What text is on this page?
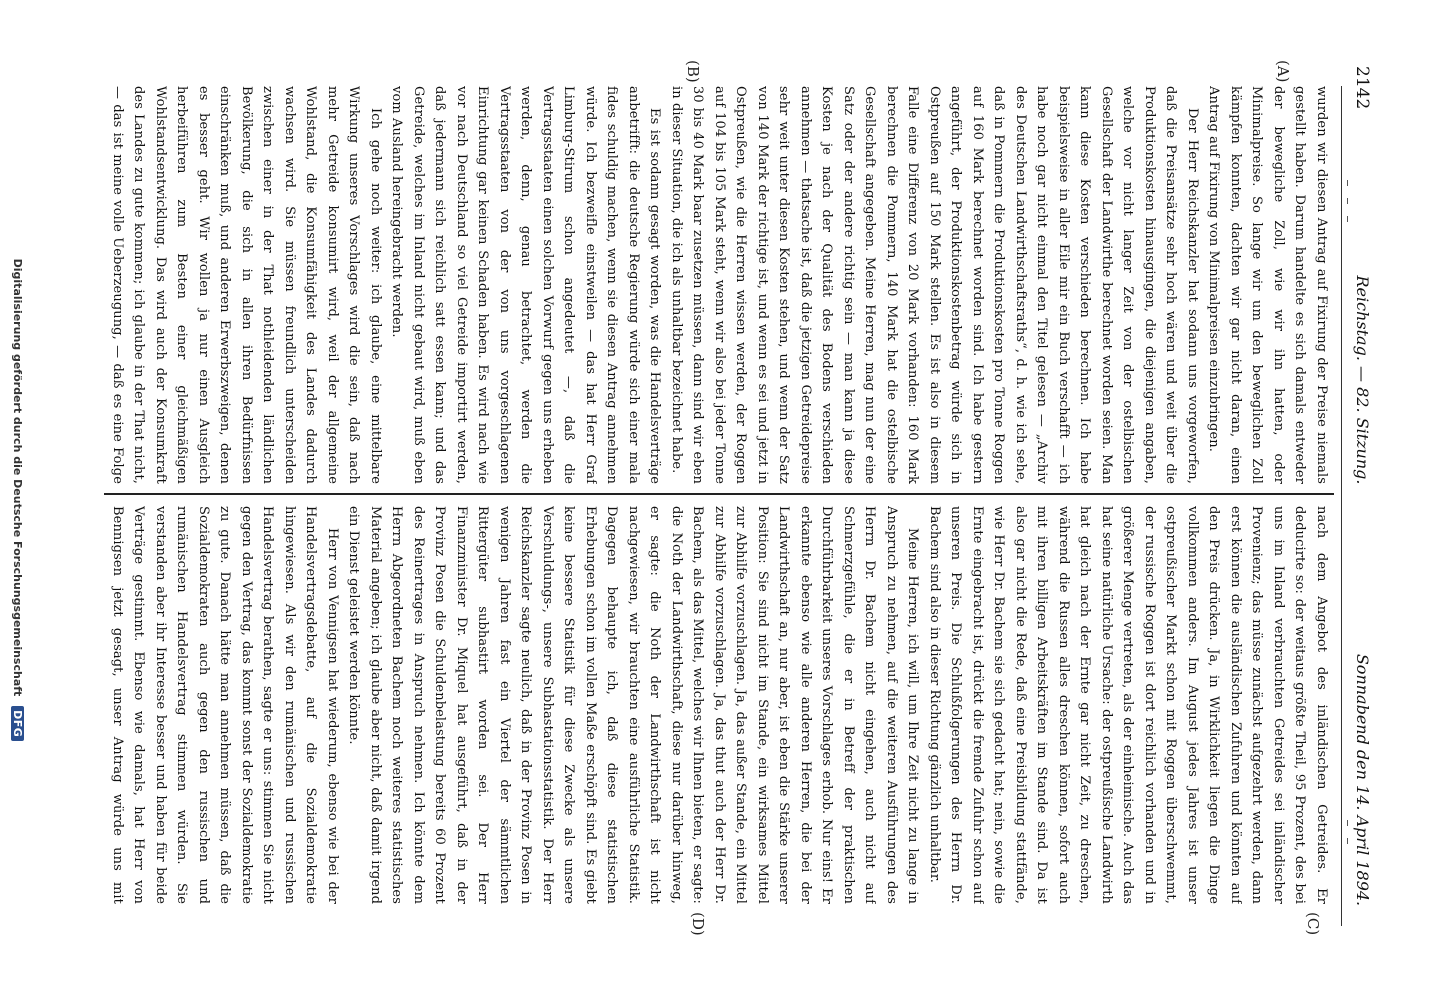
2142
Reichstag. — 82. Sitzung.
Sonnabend den 14. April 1894.
(A)
(B)
(C)
(D)

wurden wir diesen Antrag auf Fixirung der Preise niemals gestellt haben. Darum handelte es sich damals entweder der bewegliche Zoll, wie wir ihn hatten, oder Minimalpreise. So lange wir um den beweglichen Zoll kämpfen konnten, dachten wir gar nicht daran, einen Antrag auf Fixirung von Minimalpreisen einzubringen.

Der Herr Reichskanzler hat sodann uns vorgeworfen, daß die Preisansätze sehr hoch wären und weit über die Produktionskosten hinausgingen, die diejenigen angaben, welche vor nicht langer Zeit von der ostelbischen Gesellschaft der Landwirthe berechnet worden seien. Man kann diese Kosten verschieden berechnen. Ich habe beispielsweise in aller Eile mir ein Buch verschafft — ich habe noch gar nicht einmal den Titel gelesen — „Archiv des Deutschen Landwirthschaftsraths“, d. h. wie ich sehe, daß in Pommern die Produktionskosten pro Tonne Roggen auf 160 Mark berechnet worden sind. Ich habe gestern angeführt, der Produktionskostenbetrag würde sich in Ostpreußen auf 150 Mark stellen. Es ist also in diesem Falle eine Differenz von 20 Mark vorhanden: 160 Mark berechnen die Pommern, 140 Mark hat die ostelbische Gesellschaft angegeben. Meine Herren, mag nun der eine Satz oder der andere richtig sein — man kann ja diese Kosten je nach der Qualität des Bodens verschieden annehmen — thatsache ist, daß die jetzigen Getreidepreise sehr weit unter diesen Kosten stehen, und wenn der Satz von 140 Mark der richtige ist, und wenn es sei und jetzt in Ostpreußen, wie die Herren wissen werden, der Roggen auf 104 bis 105 Mark steht, wenn wir also bei jeder Tonne 30 bis 40 Mark baar zusetzen müssen, dann sind wir eben in dieser Situation, die ich als unhaltbar bezeichnet habe.

Es ist sodann gesagt worden, was die Handelsverträge anbetrifft: die deutsche Regierung würde sich einer mala fides schuldig machen, wenn sie diesen Antrag annehmen würde. Ich bezweifle einstweilen — das hat Herr Graf Limburg-Stirum schon angedeutet —, daß die Vertragsstaaten einen solchen Vorwurf gegen uns erheben werden, denn, genau betrachtet, werden die Vertragsstaaten von der von uns vorgeschlagenen Einrichtung gar keinen Schaden haben. Es wird nach wie vor nach Deutschland so viel Getreide importirt werden, daß jedermann sich reichlich satt essen kann; und das Getreide, welches im Inland nicht gebaut wird, muß eben vom Ausland hereingebracht werden.

Ich gehe noch weiter: ich glaube, eine mittelbare Wirkung unseres Vorschlages wird die sein, daß nach mehr Getreide konsumirt wird, weil der allgemeine Wohlstand, die Konsumfähigkeit des Landes dadurch wachsen wird. Sie müssen freundlich unterscheiden zwischen einer in der That nothleidenden ländlichen Bevölkerung, die sich in allen ihren Bedürfnissen einschränken muß, und anderen Erwerbszweigen, denen es besser geht. Wir wollen ja nur einen Ausgleich herbeiführen zum Besten einer gleichmäßigen Wohlstandsentwicklung. Das wird auch der Konsumkraft des Landes zu gute kommen; ich glaube in der That nicht, — das ist meine volle Ueberzeugung, — daß es eine Folge

nach dem Angebot des inländischen Getreides. Er deducirte so: der weitaus größte Theil, 95 Prozent, des bei uns im Inland verbrauchten Getreides sei inländischer Provenienz; das müsse zunächst aufgezehrt werden, dann erst können die ausländischen Zufuhren und könnten auf den Preis drücken. Ja, in Wirklichkeit liegen die Dinge vollkommen anders. Im August jedes Jahres ist unser ostpreußischer Markt schon mit Roggen überschwemmt, der russische Roggen ist dort reichlich vorhanden und in größerer Menge vertreten, als der einheimische. Auch das hat seine natürliche Ursache: der ostpreußische Landwirth hat gleich nach der Ernte gar nicht Zeit, zu dreschen, während die Russen alles dreschen können, sofort auch mit ihren billigen Arbeitskräften im Stande sind. Da ist also gar nicht die Rede, daß eine Preisbildung stattfände, wie Herr Dr. Bachem sie sich gedacht hat; nein, sowie die Ernte eingebracht ist, drückt die fremde Zufuhr schon auf unseren Preis. Die Schlußfolgerungen des Herrn Dr. Bachem sind also in dieser Richtung gänzlich unhaltbar.

Meine Herren, ich will, um Ihre Zeit nicht zu lange in Anspruch zu nehmen, auf die weiteren Ausführungen des Herrn Dr. Bachem nicht eingehen, auch nicht auf Schmerzgefühle, die er in Betreff der praktischen Durchführbarkeit unseres Vorschlages erhob. Nur eins! Er erkannte ebenso wie alle anderen Herren, die bei der Landwirthschaft an, nur aber, ist eben die Stärke unserer Position: Sie sind nicht im Stande, ein wirksames Mittel zur Abhilfe vorzuschlagen. Ja, das außer Stande, ein Mittel zur Abhilfe vorzuschlagen. Ja, das thut auch der Herr Dr. Bachem, als das Mittel, welches wir Ihnen bieten, er sagte: die Noth der Landwirthschaft, diese nur darüber hinweg, er sagte: die Noth der Landwirthschaft ist nicht nachgewiesen, wir brauchten eine ausführliche Statistik. Dagegen behaupte ich, daß diese statistischen Erhebungen schon im vollen Maße erschöpft sind. Es giebt keine bessere Statistik für diese Zwecke als unsere Verschuldungs-, unsere Subhastationsstatistik. Der Herr Reichskanzler sagte neulich, daß in der Provinz Posen in wenigen Jahren fast ein Viertel der sämmtlichen Rittergüter subhastirt worden sei. Der Herr Finanzminister Dr. Miquel hat ausgeführt, daß in der Provinz Posen die Schuldenbelastung bereits 60 Prozent des Reinertrages in Anspruch nehmen. Ich könnte dem Herrn Abgeordneten Bachem noch weiteres statistisches Material angeben; ich glaube aber nicht, daß damit irgend ein Dienst geleistet werden könnte.

Herr von Vennigsen hat wiederum, ebenso wie bei der Handelsvertragsdebatte, auf die Sozialdemokratie hingewiesen. Als wir den rumänischen und russischen Handelsvertrag berathen, sagte er uns: stimmen Sie nicht gegen den Vertrag, das kommt sonst der Sozialdemokratie zu gute. Danach hätte man annehmen müssen, daß die Sozialdemokraten auch gegen den russischen und rumänischen Handelsvertrag stimmen würden. Sie verstanden aber ihr Interesse besser und haben für beide Verträge gestimmt. Ebenso wie damals, hat Herr von Bennigsen jetzt gesagt, unser Antrag würde uns mit

Digitalisierung gefördert durch die Deutsche Forschungsgemeinschaft DFG
